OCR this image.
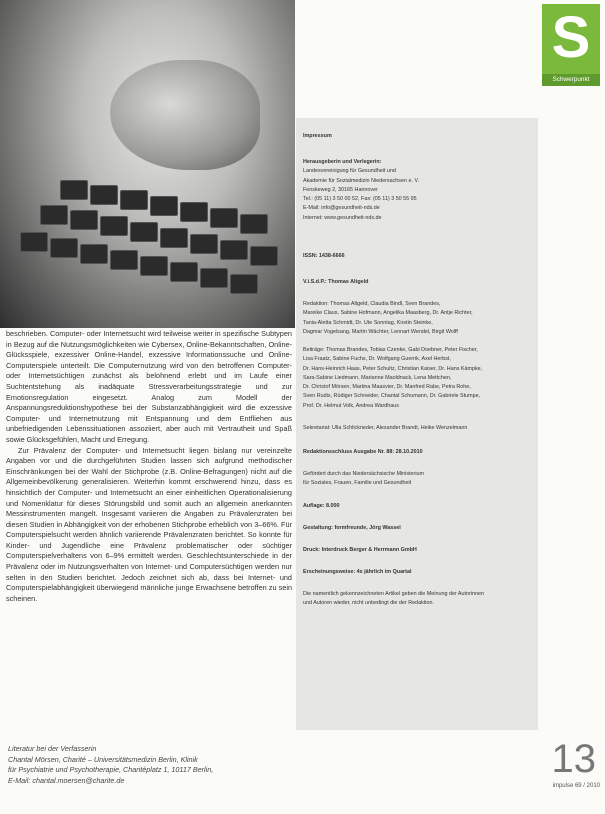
beschrieben. Computer- oder Internetsucht wird teilweise weiter in spezifische Subtypen in Bezug auf die Nutzungsmöglichkeiten wie Cybersex, Online-Bekanntschaften, Online-Glücksspiele, exzessiver Online-Handel, exzessive Informationssuche und Online-Computerspiele unterteilt. Die Computernutzung wird von den betroffenen Computer- oder Internetsüchtigen zunächst als belohnend erlebt und im Laufe einer Suchtentstehung als inadäquate Stressverarbeitungsstrategie und zur Emotionsregulation eingesetzt. Analog zum Modell der Anspannungsreduktionshypothese bei der Substanzabhängigkeit wird die exzessive Computer- und Internetnutzung mit Entspannung und dem Entfliehen aus unbefriedigenden Lebenssituationen assoziiert, aber auch mit Vertrautheit und Spaß sowie Glücksgefühlen, Macht und Erregung.

Zur Prävalenz der Computer- und Internetsucht liegen bislang nur vereinzelte Angaben vor und die durchgeführten Studien lassen sich aufgrund methodischer Einschränkungen bei der Wahl der Stichprobe (z.B. Online-Befragungen) nicht auf die Allgemeinbevölkerung generalisieren. Weiterhin kommt erschwerend hinzu, dass es hinsichtlich der Computer- und Internetsucht an einer einheitlichen Operationalisierung und Nomenklatur für dieses Störungsbild und somit auch an allgemein anerkannten Messinstrumenten mangelt. Insgesamt variieren die Angaben zu Prävalenzraten bei diesen Studien in Abhängigkeit von der erhobenen Stichprobe erheblich von 3–66%. Für Computerspielsucht werden ähnlich variierende Prävalenzraten berichtet. So konnte für Kinder- und Jugendliche eine Prävalenz problematischer oder süchtiger Computerspielverhaltens von 6–9% ermittelt werden. Geschlechtsunterschiede in der Prävalenz oder im Nutzungsverhalten von Internet- und Computersüchtigen werden nur selten in den Studien berichtet. Jedoch zeichnet sich ab, dass bei Internet- und Computerspielabhängigkeit überwiegend männliche junge Erwachsene betroffen zu sein scheinen.

Literatur bei der Verfasserin
Chantal Mörsen, Charité – Universitätsmedizin Berlin, Klinik
für Psychiatrie und Psychotherapie, Charitéplatz 1, 10117 Berlin,
E-Mail: chantal.moersen@charite.de
Impressum
Herausgeberin und Verlegerin:
Landesvereinigung für Gesundheit und
Akademie für Sozialmedizin Niedersachsen e. V.
Fenskeweg 2, 30165 Hannover
Tel.: (05 11) 3 50 00 52, Fax: (05 11) 3 50 55 95
E-Mail: info@gesundheit-nds.de
Internet: www.gesundheit-nds.de
ISSN: 1438-6666
V.i.S.d.P.: Thomas Altgeld
Redaktion: Thomas Altgeld, Claudia Bindl, Sven Brandes,
Mareike Claus, Sabine Hofmann, Angelika Maasberg, Dr. Antje Richter,
Tania-Aletta Schmidt, Dr. Ute Sonntag, Kirstin Steinke,
Dagmar Vogelsang, Martin Wächter, Lennart Wendel, Birgit Wolff
Beiträge: Thomas Brandes, Tobias Czenke, Gabi Doebner, Peter Fischer,
Lisa Fraatz, Sabine Fuchs, Dr. Wolfgang Guerrik, Axel Herbst,
Dr. Hans-Heinrich Haas, Peter Schultz, Christian Kaiser, Dr. Hans Kämpke,
Sara-Sabine Liedmann, Marianne Maoldnack, Lena Mettchen,
Dr. Christof Mörsen, Martina Maasvier, Dr. Manfred Rabe, Petra Rohe,
Sven Rudix, Rüdiger Schneider, Chantal Schumann, Dr. Gabriele Stumpe,
Prof. Dr. Helmut Volk, Andrea Wardhaus
Sekretariat: Ulla Schlickrieder, Alexander Brandt, Heike Wenzelmann
Redaktionsschluss Ausgabe Nr. 88: 28.10.2010
Gefördert durch das Niedersächsische Ministerium
für Soziales, Frauen, Familie und Gesundheit
Auflage: 8.000
Gestaltung: formfreunde, Jörg Wassel
Druck: Interdruck Berger & Herrmann GmbH
Erscheinungsweise: 4x jährlich im Quartal
Die namentlich gekennzeichneten Artikel geben die Meinung der Autorinnen
und Autoren wieder, nicht unbedingt die der Redaktion.
S
Schwerpunkt
13
impulse 69 / 2010
